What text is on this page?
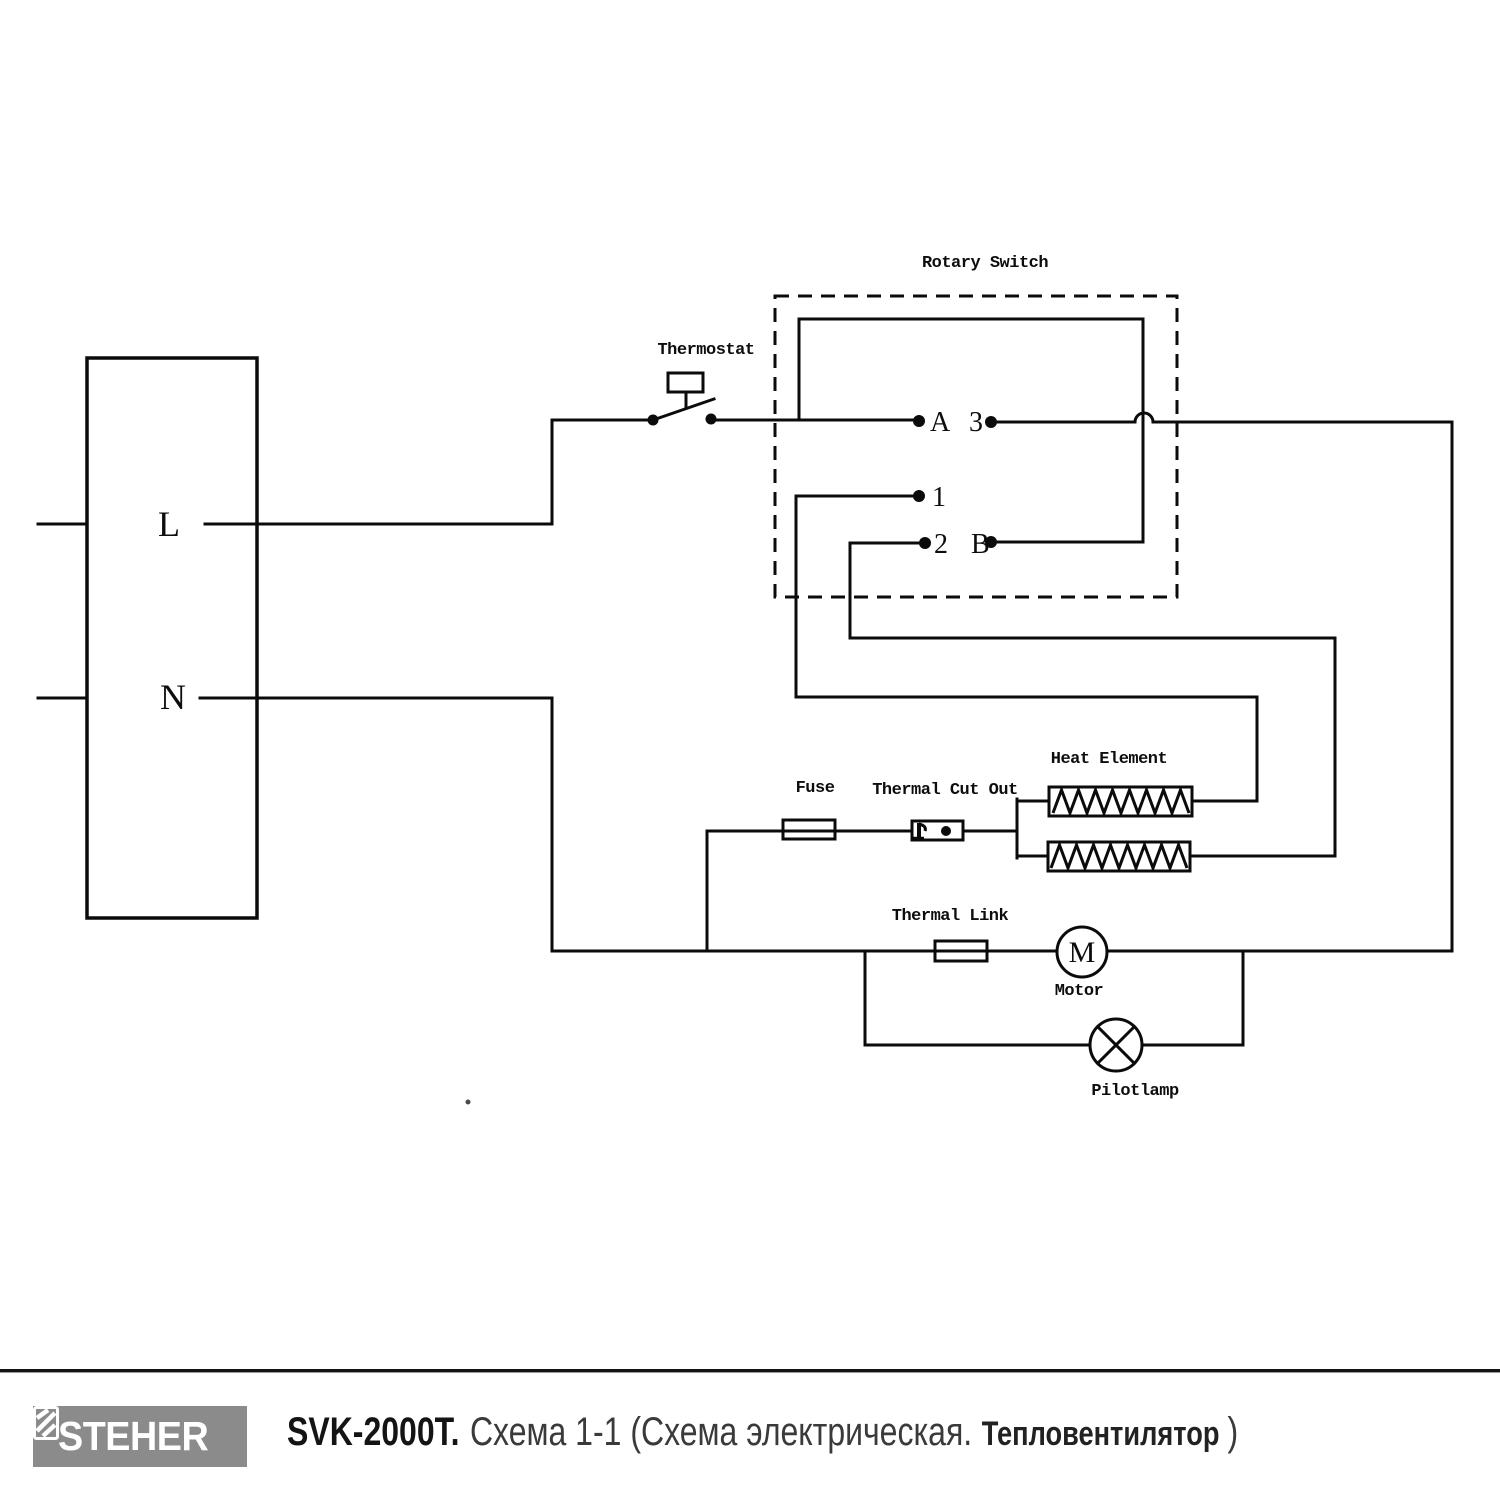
L
N
Thermostat
Rotary Switch
A 3
1
2 B
Fuse Thermal Cut Out
Heat Element
Thermal Link
M
Motor
Pilotlamp
STEHER SVK-2000T. Схема 1-1 (Схема электрическая. Тепловентилятор )
